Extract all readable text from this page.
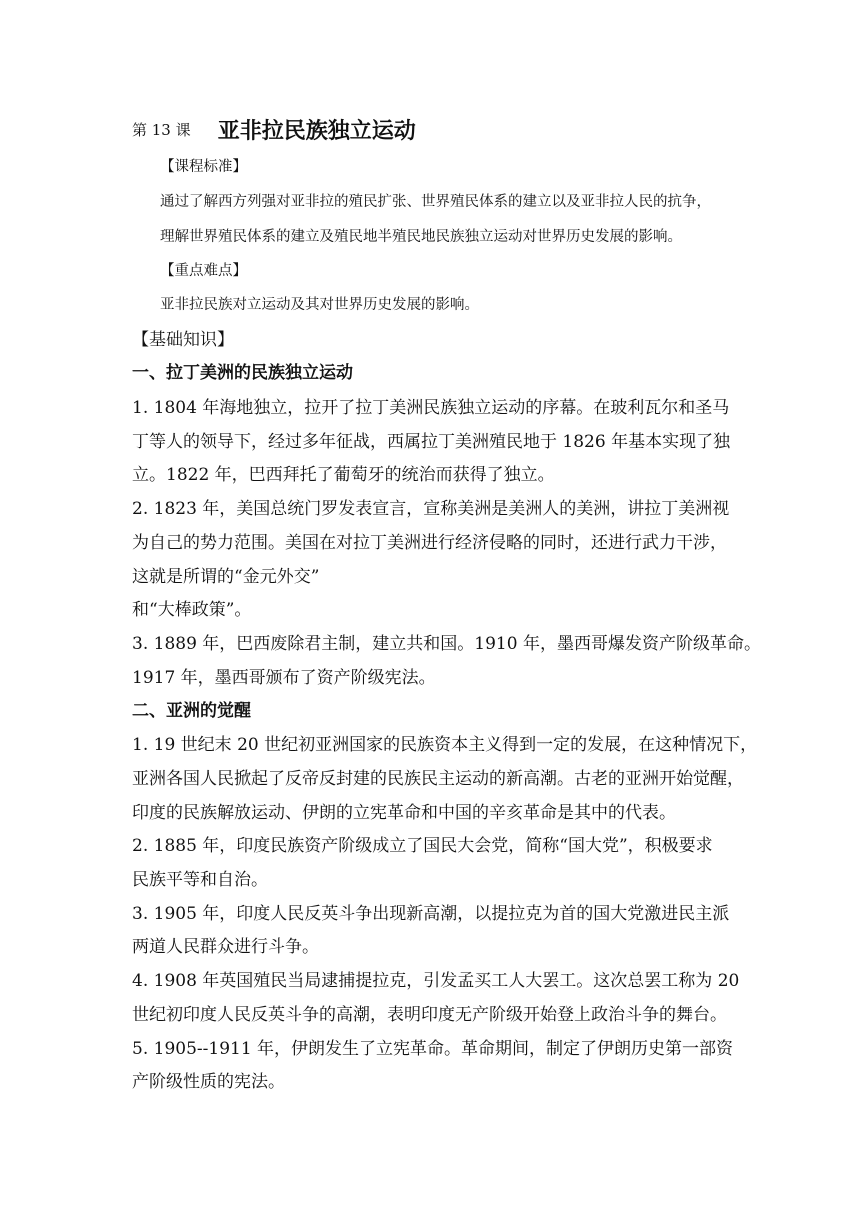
第 13 课 亚非拉民族独立运动
【课程标准】
通过了解西方列强对亚非拉的殖民扩张、世界殖民体系的建立以及亚非拉人民的抗争，
理解世界殖民体系的建立及殖民地半殖民地民族独立运动对世界历史发展的影响。
【重点难点】
亚非拉民族对立运动及其对世界历史发展的影响。
【基础知识】
一、拉丁美洲的民族独立运动
1. 1804 年海地独立，拉开了拉丁美洲民族独立运动的序幕。在玻利瓦尔和圣马
丁等人的领导下，经过多年征战，西属拉丁美洲殖民地于 1826 年基本实现了独
立。1822 年，巴西拜托了葡萄牙的统治而获得了独立。
2. 1823 年，美国总统门罗发表宣言，宣称美洲是美洲人的美洲，讲拉丁美洲视
为自己的势力范围。美国在对拉丁美洲进行经济侵略的同时，还进行武力干涉，
这就是所谓的“金元外交”
和“大棒政策”。
3. 1889 年，巴西废除君主制，建立共和国。1910 年，墨西哥爆发资产阶级革命。
1917 年，墨西哥颁布了资产阶级宪法。
二、亚洲的觉醒
1. 19 世纪末 20 世纪初亚洲国家的民族资本主义得到一定的发展，在这种情况下，
亚洲各国人民掀起了反帝反封建的民族民主运动的新高潮。古老的亚洲开始觉醒，
印度的民族解放运动、伊朗的立宪革命和中国的辛亥革命是其中的代表。
2. 1885 年，印度民族资产阶级成立了国民大会党，简称“国大党”，积极要求
民族平等和自治。
3. 1905 年，印度人民反英斗争出现新高潮，以提拉克为首的国大党激进民主派
两道人民群众进行斗争。
4. 1908 年英国殖民当局逮捕提拉克，引发孟买工人大罢工。这次总罢工称为 20
世纪初印度人民反英斗争的高潮，表明印度无产阶级开始登上政治斗争的舞台。
5. 1905--1911 年，伊朗发生了立宪革命。革命期间，制定了伊朗历史第一部资
产阶级性质的宪法。
